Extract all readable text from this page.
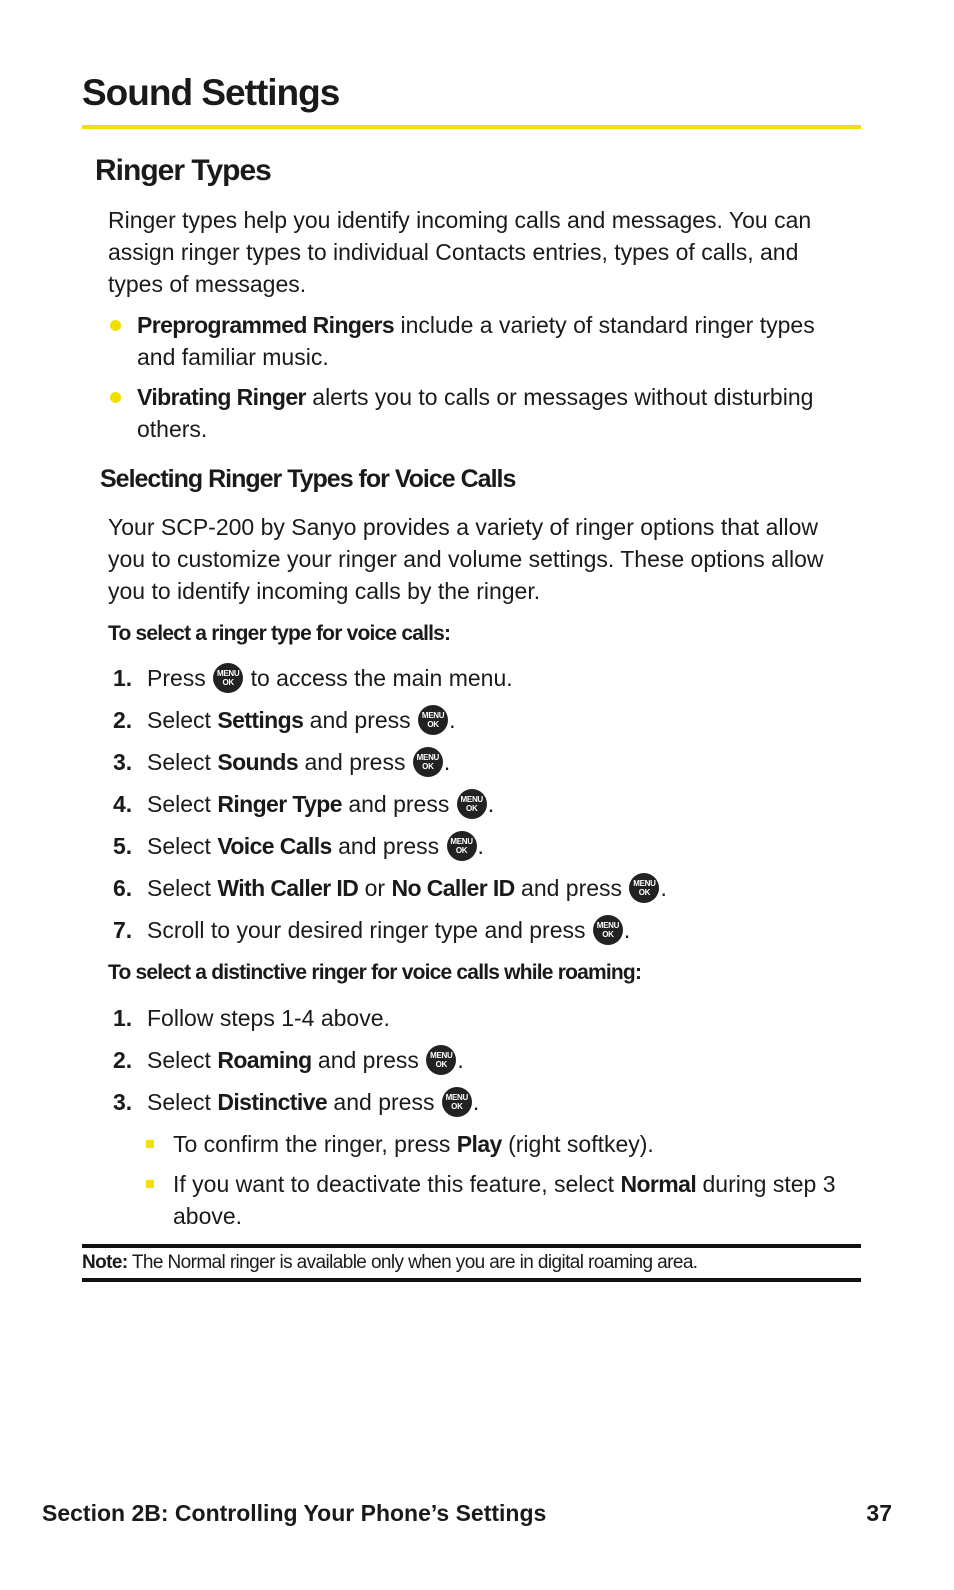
Sound Settings
Ringer Types

Ringer types help you identify incoming calls and messages. You can assign ringer types to individual Contacts entries, types of calls, and types of messages.

Preprogrammed Ringers include a variety of standard ringer types and familiar music.
Vibrating Ringer alerts you to calls or messages without disturbing others.
Selecting Ringer Types for Voice Calls

Your SCP-200 by Sanyo provides a variety of ringer options that allow you to customize your ringer and volume settings. These options allow you to identify incoming calls by the ringer.

To select a ringer type for voice calls:
1. Press MENU
OK to access the main menu.
2. Select Settings and press MENU
OK .
3. Select Sounds and press MENU
OK .
4. Select Ringer Type and press MENU
OK .
5. Select Voice Calls and press MENU
OK .
6. Select With Caller ID or No Caller ID and press MENU
OK .
7. Scroll to your desired ringer type and press MENU
OK .
To select a distinctive ringer for voice calls while roaming:
1. Follow steps 1-4 above.
2. Select Roaming and press MENU
OK .
3. Select Distinctive and press MENU
OK .
To confirm the ringer, press Play (right softkey).
If you want to deactivate this feature, select Normal during step 3 above.
Note: The Normal ringer is available only when you are in digital roaming area.
Section 2B: Controlling Your Phone’s Settings	37
